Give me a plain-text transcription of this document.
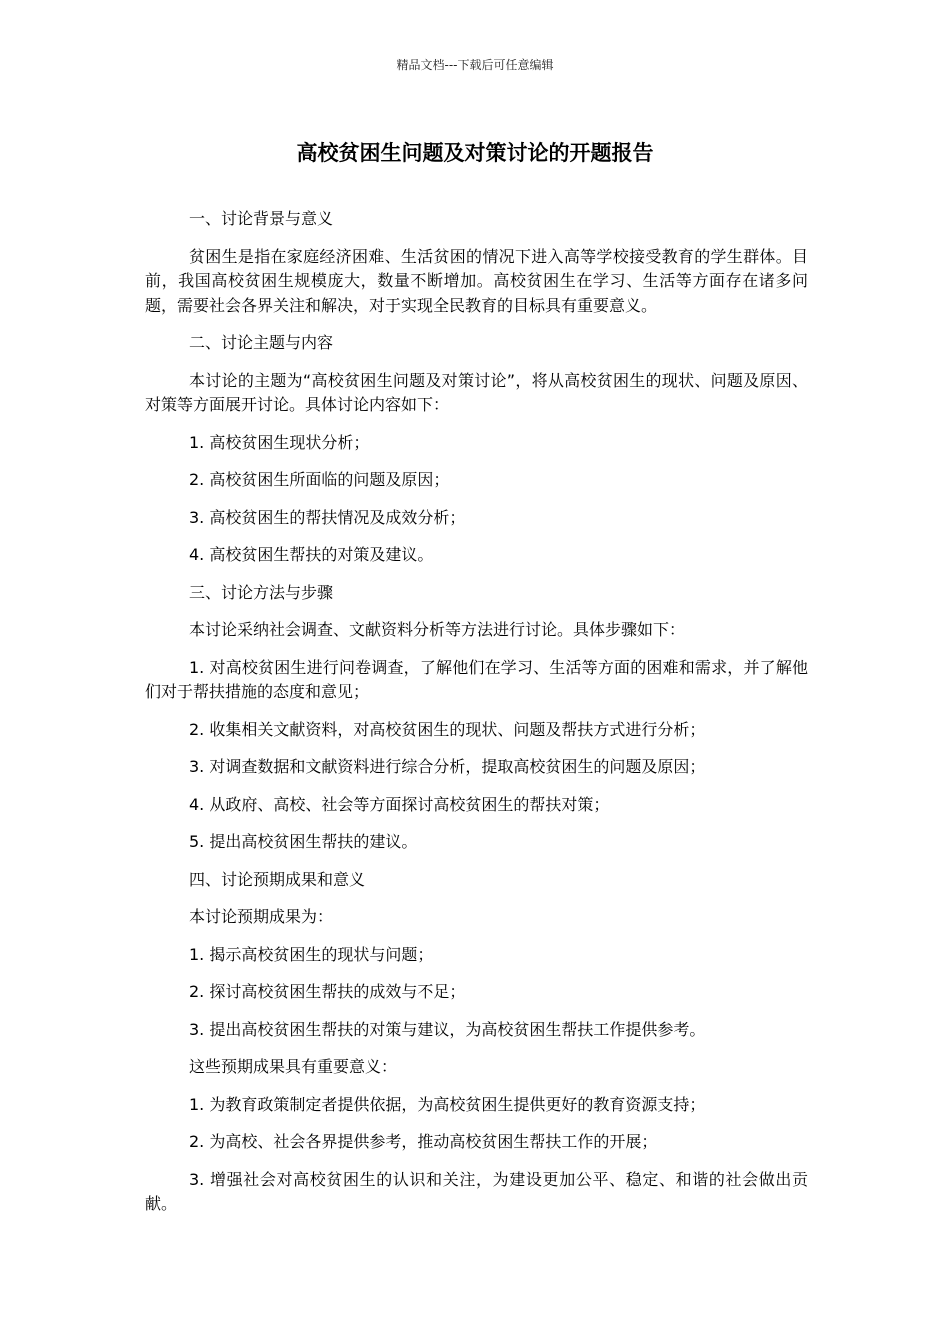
精品文档---下载后可任意编辑
高校贫困生问题及对策讨论的开题报告

一、讨论背景与意义

贫困生是指在家庭经济困难、生活贫困的情况下进入高等学校接受教育的学生群体。目前，我国高校贫困生规模庞大，数量不断增加。高校贫困生在学习、生活等方面存在诸多问题，需要社会各界关注和解决，对于实现全民教育的目标具有重要意义。

二、讨论主题与内容

本讨论的主题为“高校贫困生问题及对策讨论”，将从高校贫困生的现状、问题及原因、对策等方面展开讨论。具体讨论内容如下：

1. 高校贫困生现状分析；

2. 高校贫困生所面临的问题及原因；

3. 高校贫困生的帮扶情况及成效分析；

4. 高校贫困生帮扶的对策及建议。

三、讨论方法与步骤

本讨论采纳社会调查、文献资料分析等方法进行讨论。具体步骤如下：

1. 对高校贫困生进行问卷调查，了解他们在学习、生活等方面的困难和需求，并了解他们对于帮扶措施的态度和意见；

2. 收集相关文献资料，对高校贫困生的现状、问题及帮扶方式进行分析；

3. 对调查数据和文献资料进行综合分析，提取高校贫困生的问题及原因；

4. 从政府、高校、社会等方面探讨高校贫困生的帮扶对策；

5. 提出高校贫困生帮扶的建议。

四、讨论预期成果和意义

本讨论预期成果为：

1. 揭示高校贫困生的现状与问题；

2. 探讨高校贫困生帮扶的成效与不足；

3. 提出高校贫困生帮扶的对策与建议，为高校贫困生帮扶工作提供参考。

这些预期成果具有重要意义：

1. 为教育政策制定者提供依据，为高校贫困生提供更好的教育资源支持；

2. 为高校、社会各界提供参考，推动高校贫困生帮扶工作的开展；

3. 增强社会对高校贫困生的认识和关注，为建设更加公平、稳定、和谐的社会做出贡献。
